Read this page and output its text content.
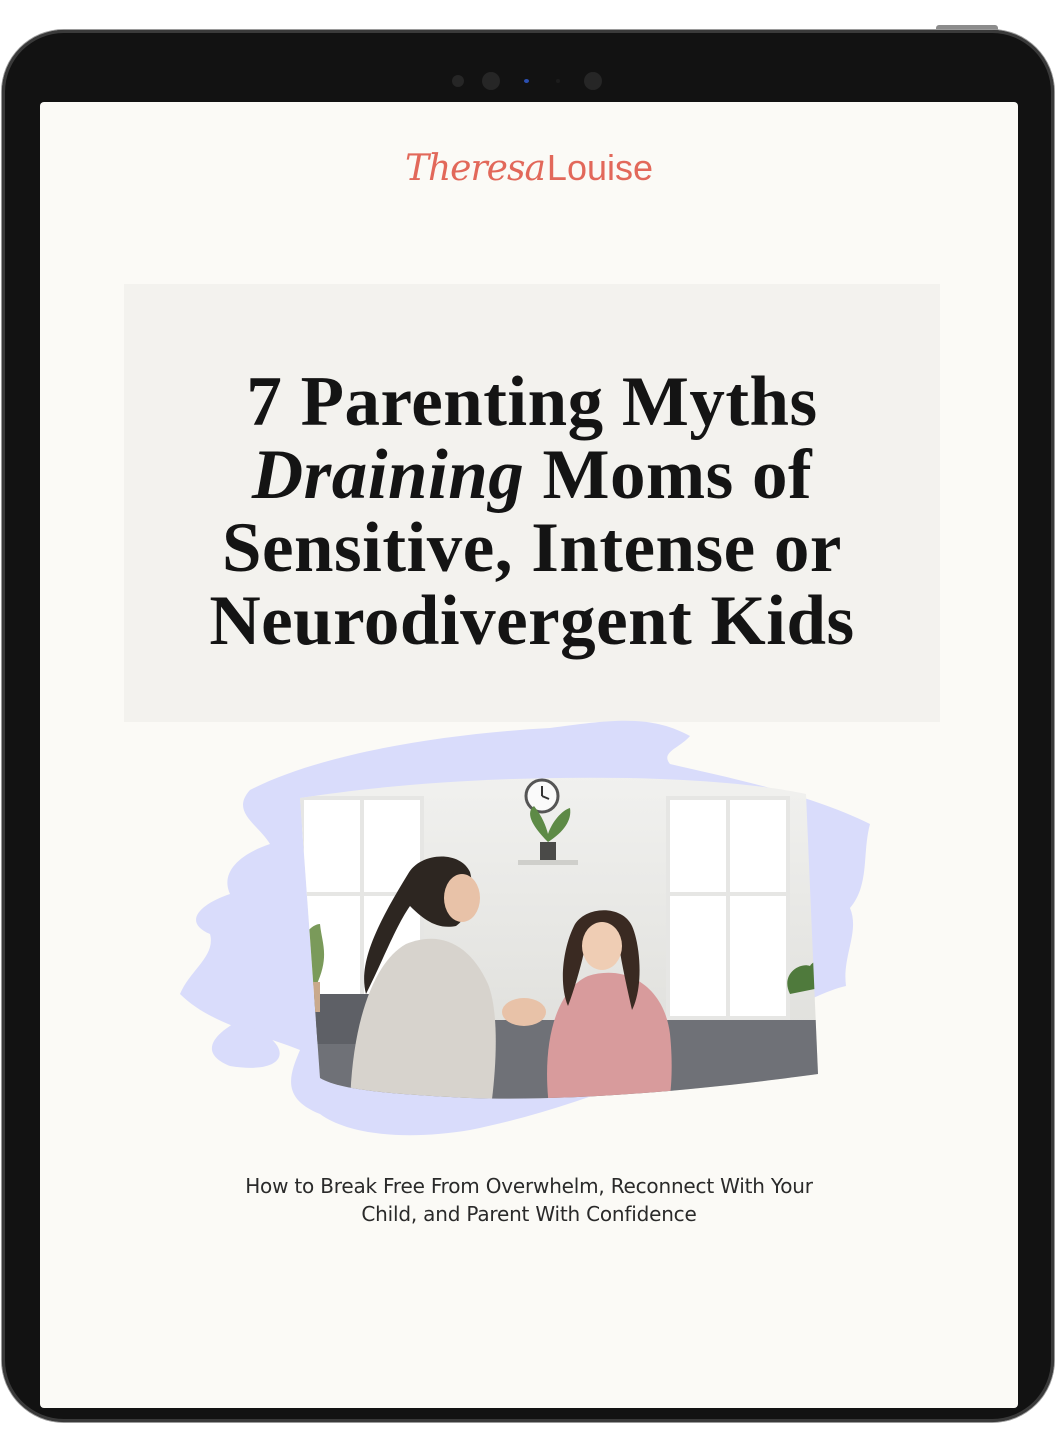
TheresaLouise
7 Parenting Myths
Draining Moms of
Sensitive, Intense or
Neurodivergent Kids

How to Break Free From Overwhelm, Reconnect With Your
Child, and Parent With Confidence
